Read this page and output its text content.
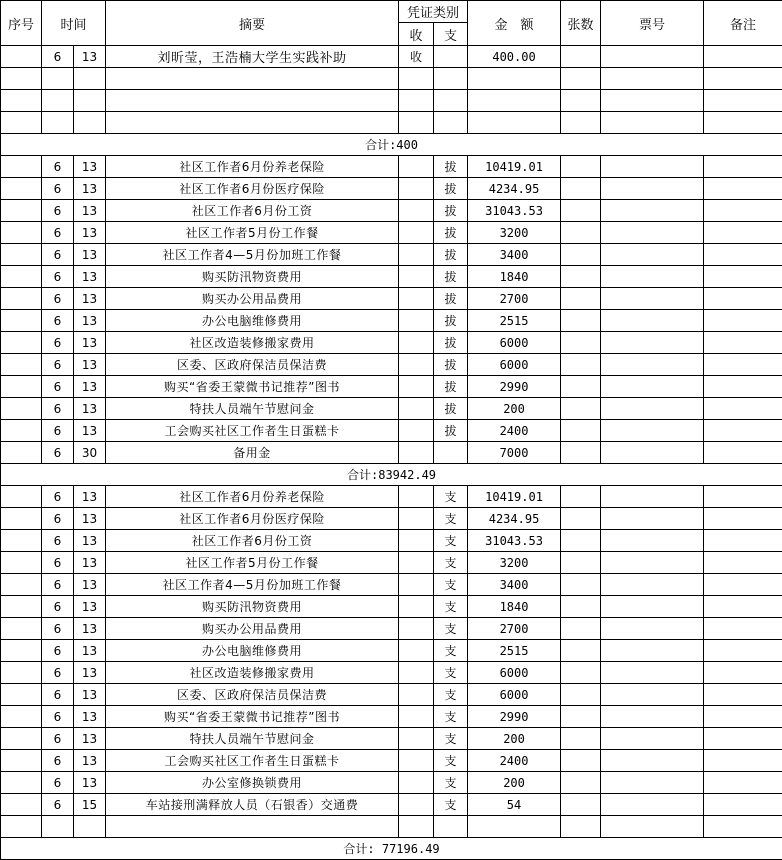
序号	时间		摘要	凭证类别		金　额	张数	票号	备注
				收	支				
	6	13	刘昕莹，王浩楠大学生实践补助	收		400.00			

合计:400									
	6	13	社区工作者6月份养老保险		拔	10419.01			
	6	13	社区工作者6月份医疗保险		拔	4234.95			
	6	13	社区工作者6月份工资		拔	31043.53			
	6	13	社区工作者5月份工作餐		拔	3200			
	6	13	社区工作者4—5月份加班工作餐		拔	3400			
	6	13	购买防汛物资费用		拔	1840			
	6	13	购买办公用品费用		拔	2700			
	6	13	办公电脑维修费用		拔	2515			
	6	13	社区改造装修搬家费用		拔	6000			
	6	13	区委、区政府保洁员保洁费		拔	6000			
	6	13	购买“省委王蒙微书记推荐”图书		拔	2990			
	6	13	特扶人员端午节慰问金		拔	200			
	6	13	工会购买社区工作者生日蛋糕卡		拔	2400			
	6	30	备用金			7000			
合计:83942.49									
	6	13	社区工作者6月份养老保险		支	10419.01			
	6	13	社区工作者6月份医疗保险		支	4234.95			
	6	13	社区工作者6月份工资		支	31043.53			
	6	13	社区工作者5月份工作餐		支	3200			
	6	13	社区工作者4—5月份加班工作餐		支	3400			
	6	13	购买防汛物资费用		支	1840			
	6	13	购买办公用品费用		支	2700			
	6	13	办公电脑维修费用		支	2515			
	6	13	社区改造装修搬家费用		支	6000			
	6	13	区委、区政府保洁员保洁费		支	6000			
	6	13	购买“省委王蒙微书记推荐”图书		支	2990			
	6	13	特扶人员端午节慰问金		支	200			
	6	13	工会购买社区工作者生日蛋糕卡		支	2400			
	6	13	办公室修换锁费用		支	200			
	6	15	车站接刑满释放人员（石银香）交通费		支	54			

合计: 77196.49									
